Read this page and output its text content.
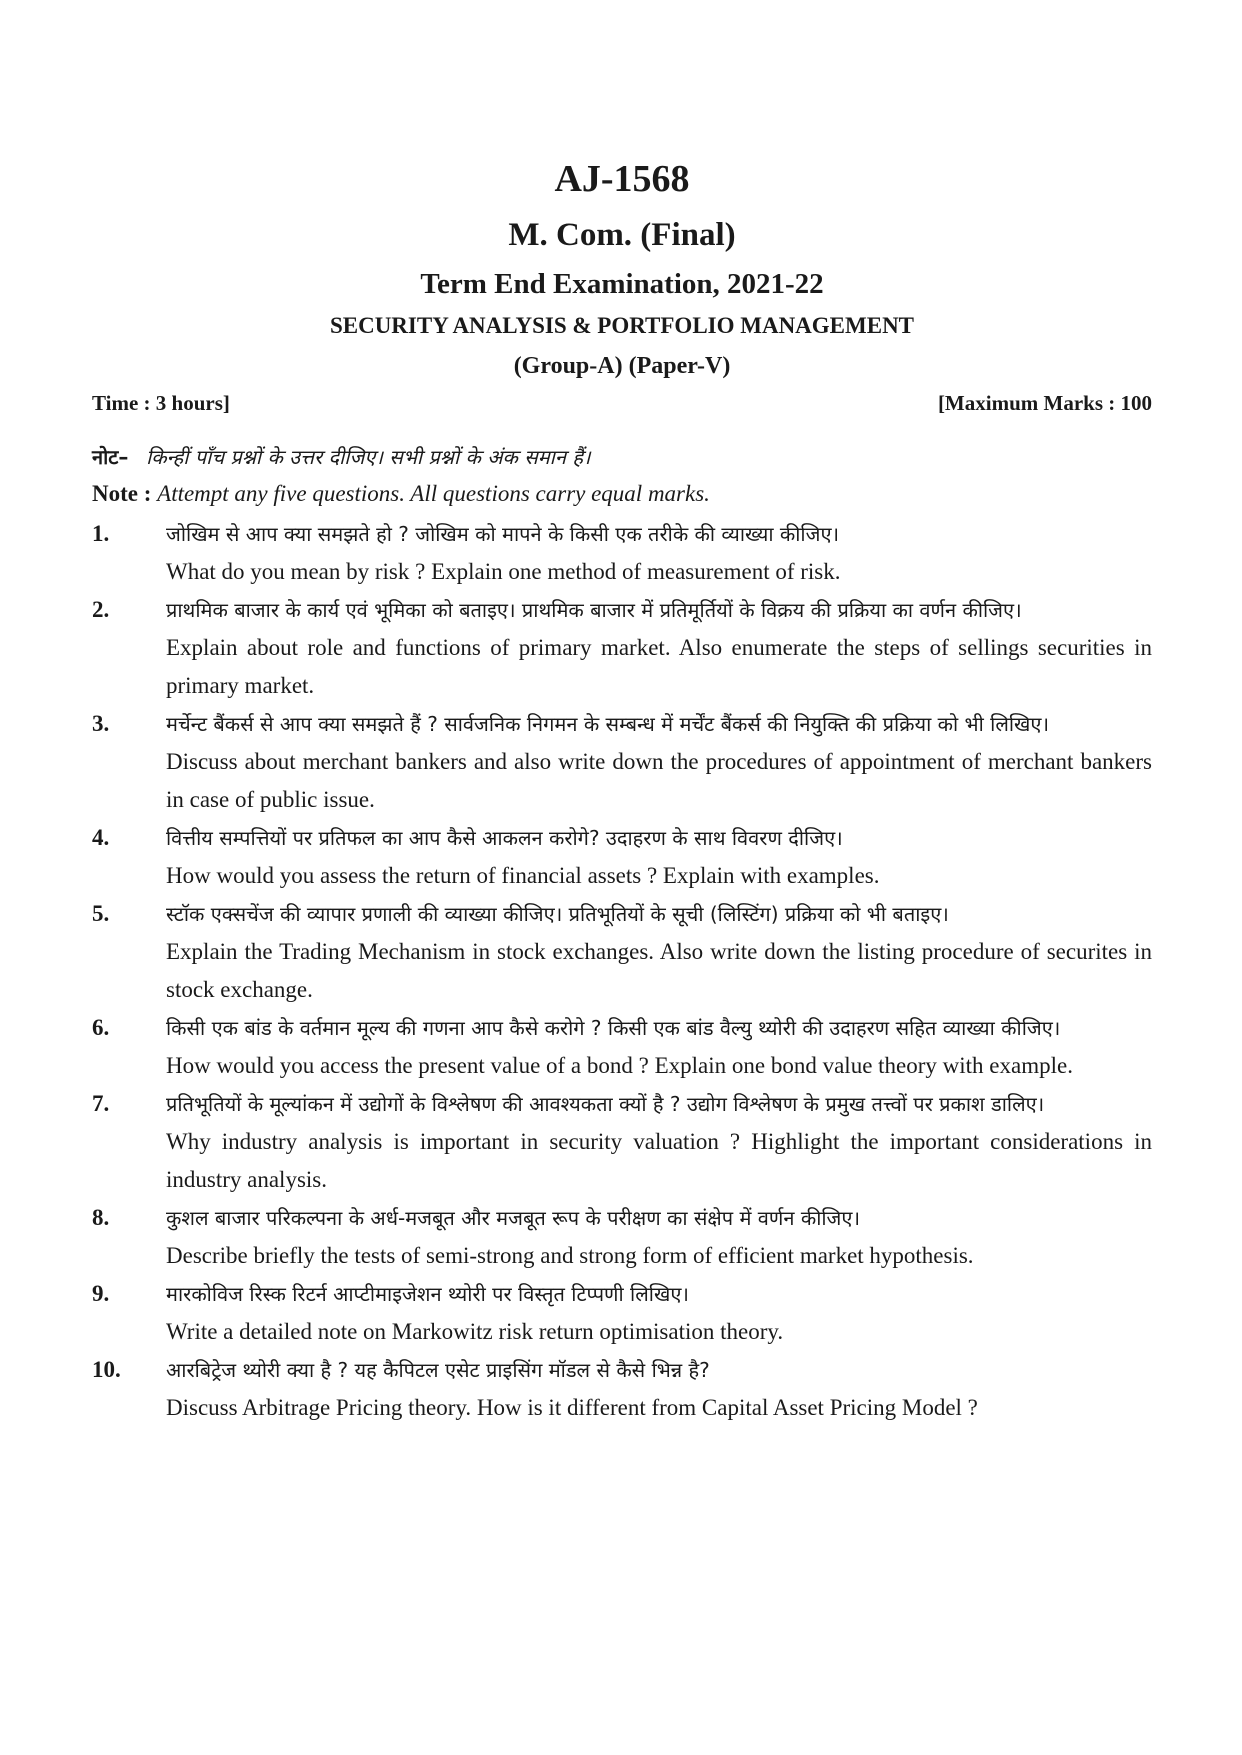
AJ-1568
M. Com. (Final)
Term End Examination, 2021-22
SECURITY ANALYSIS & PORTFOLIO MANAGEMENT
(Group-A) (Paper-V)
Time : 3 hours]	[Maximum Marks : 100
नोट– किन्हीं पाँच प्रश्नों के उत्तर दीजिए। सभी प्रश्नों के अंक समान हैं।
Note : Attempt any five questions. All questions carry equal marks.
1.	जोखिम से आप क्या समझते हो ? जोखिम को मापने के किसी एक तरीके की व्याख्या कीजिए।
What do you mean by risk ? Explain one method of measurement of risk.
2.	प्राथमिक बाजार के कार्य एवं भूमिका को बताइए। प्राथमिक बाजार में प्रतिमूर्तियों के विक्रय की प्रक्रिया का वर्णन कीजिए।
Explain about role and functions of primary market. Also enumerate the steps of sellings securities in primary market.
3.	मर्चेन्ट बैंकर्स से आप क्या समझते हैं ? सार्वजनिक निगमन के सम्बन्ध में मर्चेंट बैंकर्स की नियुक्ति की प्रक्रिया को भी लिखिए।
Discuss about merchant bankers and also write down the procedures of appointment of merchant bankers in case of public issue.
4.	वित्तीय सम्पत्तियों पर प्रतिफल का आप कैसे आकलन करोगे? उदाहरण के साथ विवरण दीजिए।
How would you assess the return of financial assets ? Explain with examples.
5.	स्टॉक एक्सचेंज की व्यापार प्रणाली की व्याख्या कीजिए। प्रतिभूतियों के सूची (लिस्टिंग) प्रक्रिया को भी बताइए।
Explain the Trading Mechanism in stock exchanges. Also write down the listing procedure of securites in stock exchange.
6.	किसी एक बांड के वर्तमान मूल्य की गणना आप कैसे करोगे ? किसी एक बांड वैल्यु थ्योरी की उदाहरण सहित व्याख्या कीजिए।
How would you access the present value of a bond ? Explain one bond value theory with example.
7.	प्रतिभूतियों के मूल्यांकन में उद्योगों के विश्लेषण की आवश्यकता क्यों है ? उद्योग विश्लेषण के प्रमुख तत्त्वों पर प्रकाश डालिए।
Why industry analysis is important in security valuation ? Highlight the important considerations in industry analysis.
8.	कुशल बाजार परिकल्पना के अर्ध-मजबूत और मजबूत रूप के परीक्षण का संक्षेप में वर्णन कीजिए।
Describe briefly the tests of semi-strong and strong form of efficient market hypothesis.
9.	मारकोविज रिस्क रिटर्न आप्टीमाइजेशन थ्योरी पर विस्तृत टिप्पणी लिखिए।
Write a detailed note on Markowitz risk return optimisation theory.
10. आरबिट्रेज थ्योरी क्या है ? यह कैपिटल एसेट प्राइसिंग मॉडल से कैसे भिन्न है?
Discuss Arbitrage Pricing theory. How is it different from Capital Asset Pricing Model ?
